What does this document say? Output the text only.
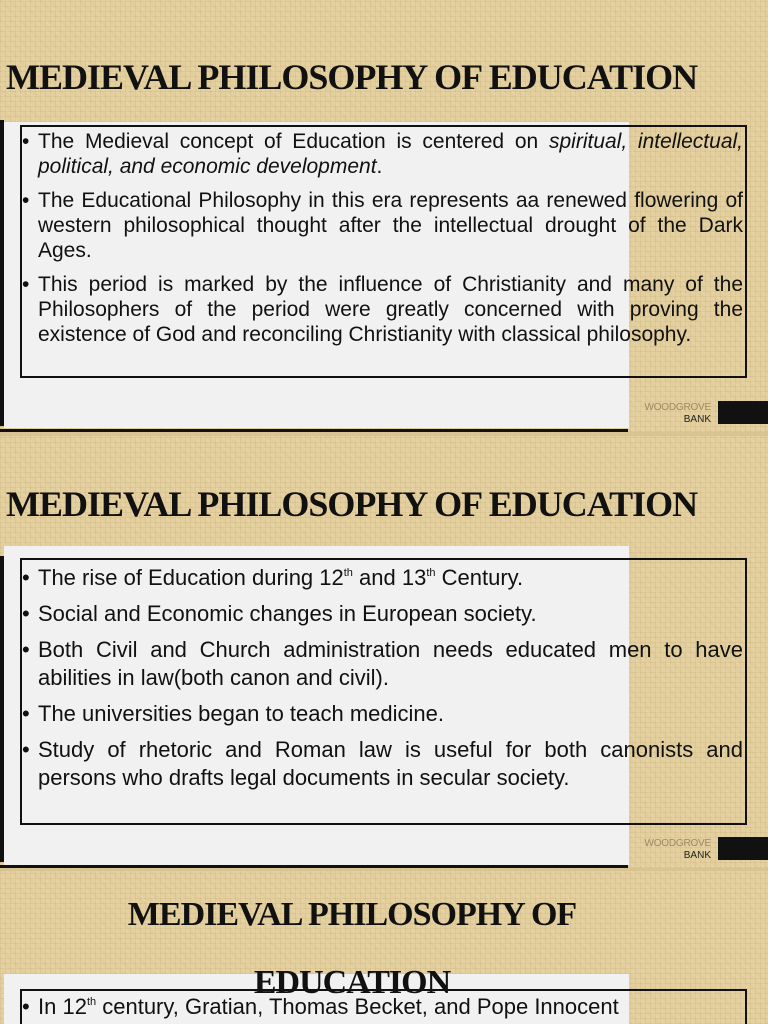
MEDIEVAL PHILOSOPHY OF EDUCATION
• The Medieval concept of Education is centered on spiritual, intellectual, political, and economic development.
• The Educational Philosophy in this era represents aa renewed flowering of western philosophical thought after the intellectual drought of the Dark Ages.
• This period is marked by the influence of Christianity and many of the Philosophers of the period were greatly concerned with proving the existence of God and reconciling Christianity with classical philosophy.
WOODGROVE
BANK
MEDIEVAL PHILOSOPHY OF EDUCATION
• The rise of Education during 12th and 13th Century.
• Social and Economic changes in European society.
• Both Civil and Church administration needs educated men to have abilities in law(both canon and civil).
• The universities began to teach medicine.
• Study of rhetoric and Roman law is useful for both canonists and persons who drafts legal documents in secular society.
WOODGROVE
BANK
MEDIEVAL PHILOSOPHY OF
EDUCATION
• In 12th century, Gratian, Thomas Becket, and Pope Innocent
